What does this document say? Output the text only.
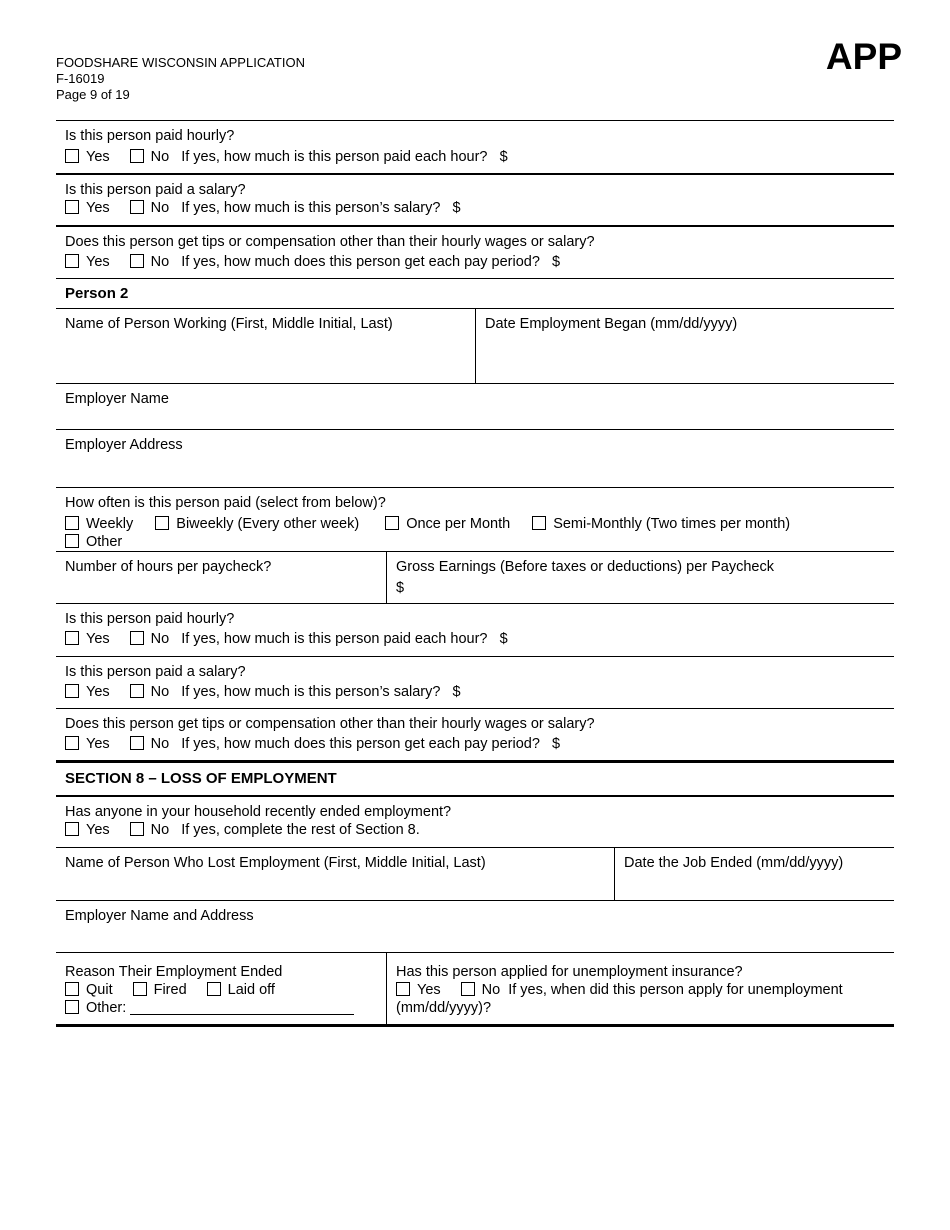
FOODSHARE WISCONSIN APPLICATION
F-16019
Page 9 of 19
APP
Is this person paid hourly?
Yes	No If yes, how much is this person paid each hour?   $
Is this person paid a salary?
Yes	No If yes, how much is this person’s salary?   $
Does this person get tips or compensation other than their hourly wages or salary?
Yes	No If yes, how much does this person get each pay period?   $
Person 2
Name of Person Working (First, Middle Initial, Last)	Date Employment Began (mm/dd/yyyy)
Employer Name
Employer Address
How often is this person paid (select from below)?
Weekly	Biweekly (Every other week)	Once per Month	Semi-Monthly (Two times per month)
Other
Number of hours per paycheck?	Gross Earnings (Before taxes or deductions) per Paycheck
$
Is this person paid hourly?
Yes	No If yes, how much is this person paid each hour?   $
Is this person paid a salary?
Yes	No If yes, how much is this person’s salary?   $
Does this person get tips or compensation other than their hourly wages or salary?
Yes	No If yes, how much does this person get each pay period?   $
SECTION 8 – LOSS OF EMPLOYMENT
Has anyone in your household recently ended employment?
Yes	No If yes, complete the rest of Section 8.
Name of Person Who Lost Employment (First, Middle Initial, Last)	Date the Job Ended (mm/dd/yyyy)
Employer Name and Address
Reason Their Employment Ended
Quit	Fired	Laid off
Other:
Has this person applied for unemployment insurance?
Yes	No If yes, when did this person apply for unemployment
(mm/dd/yyyy)?
